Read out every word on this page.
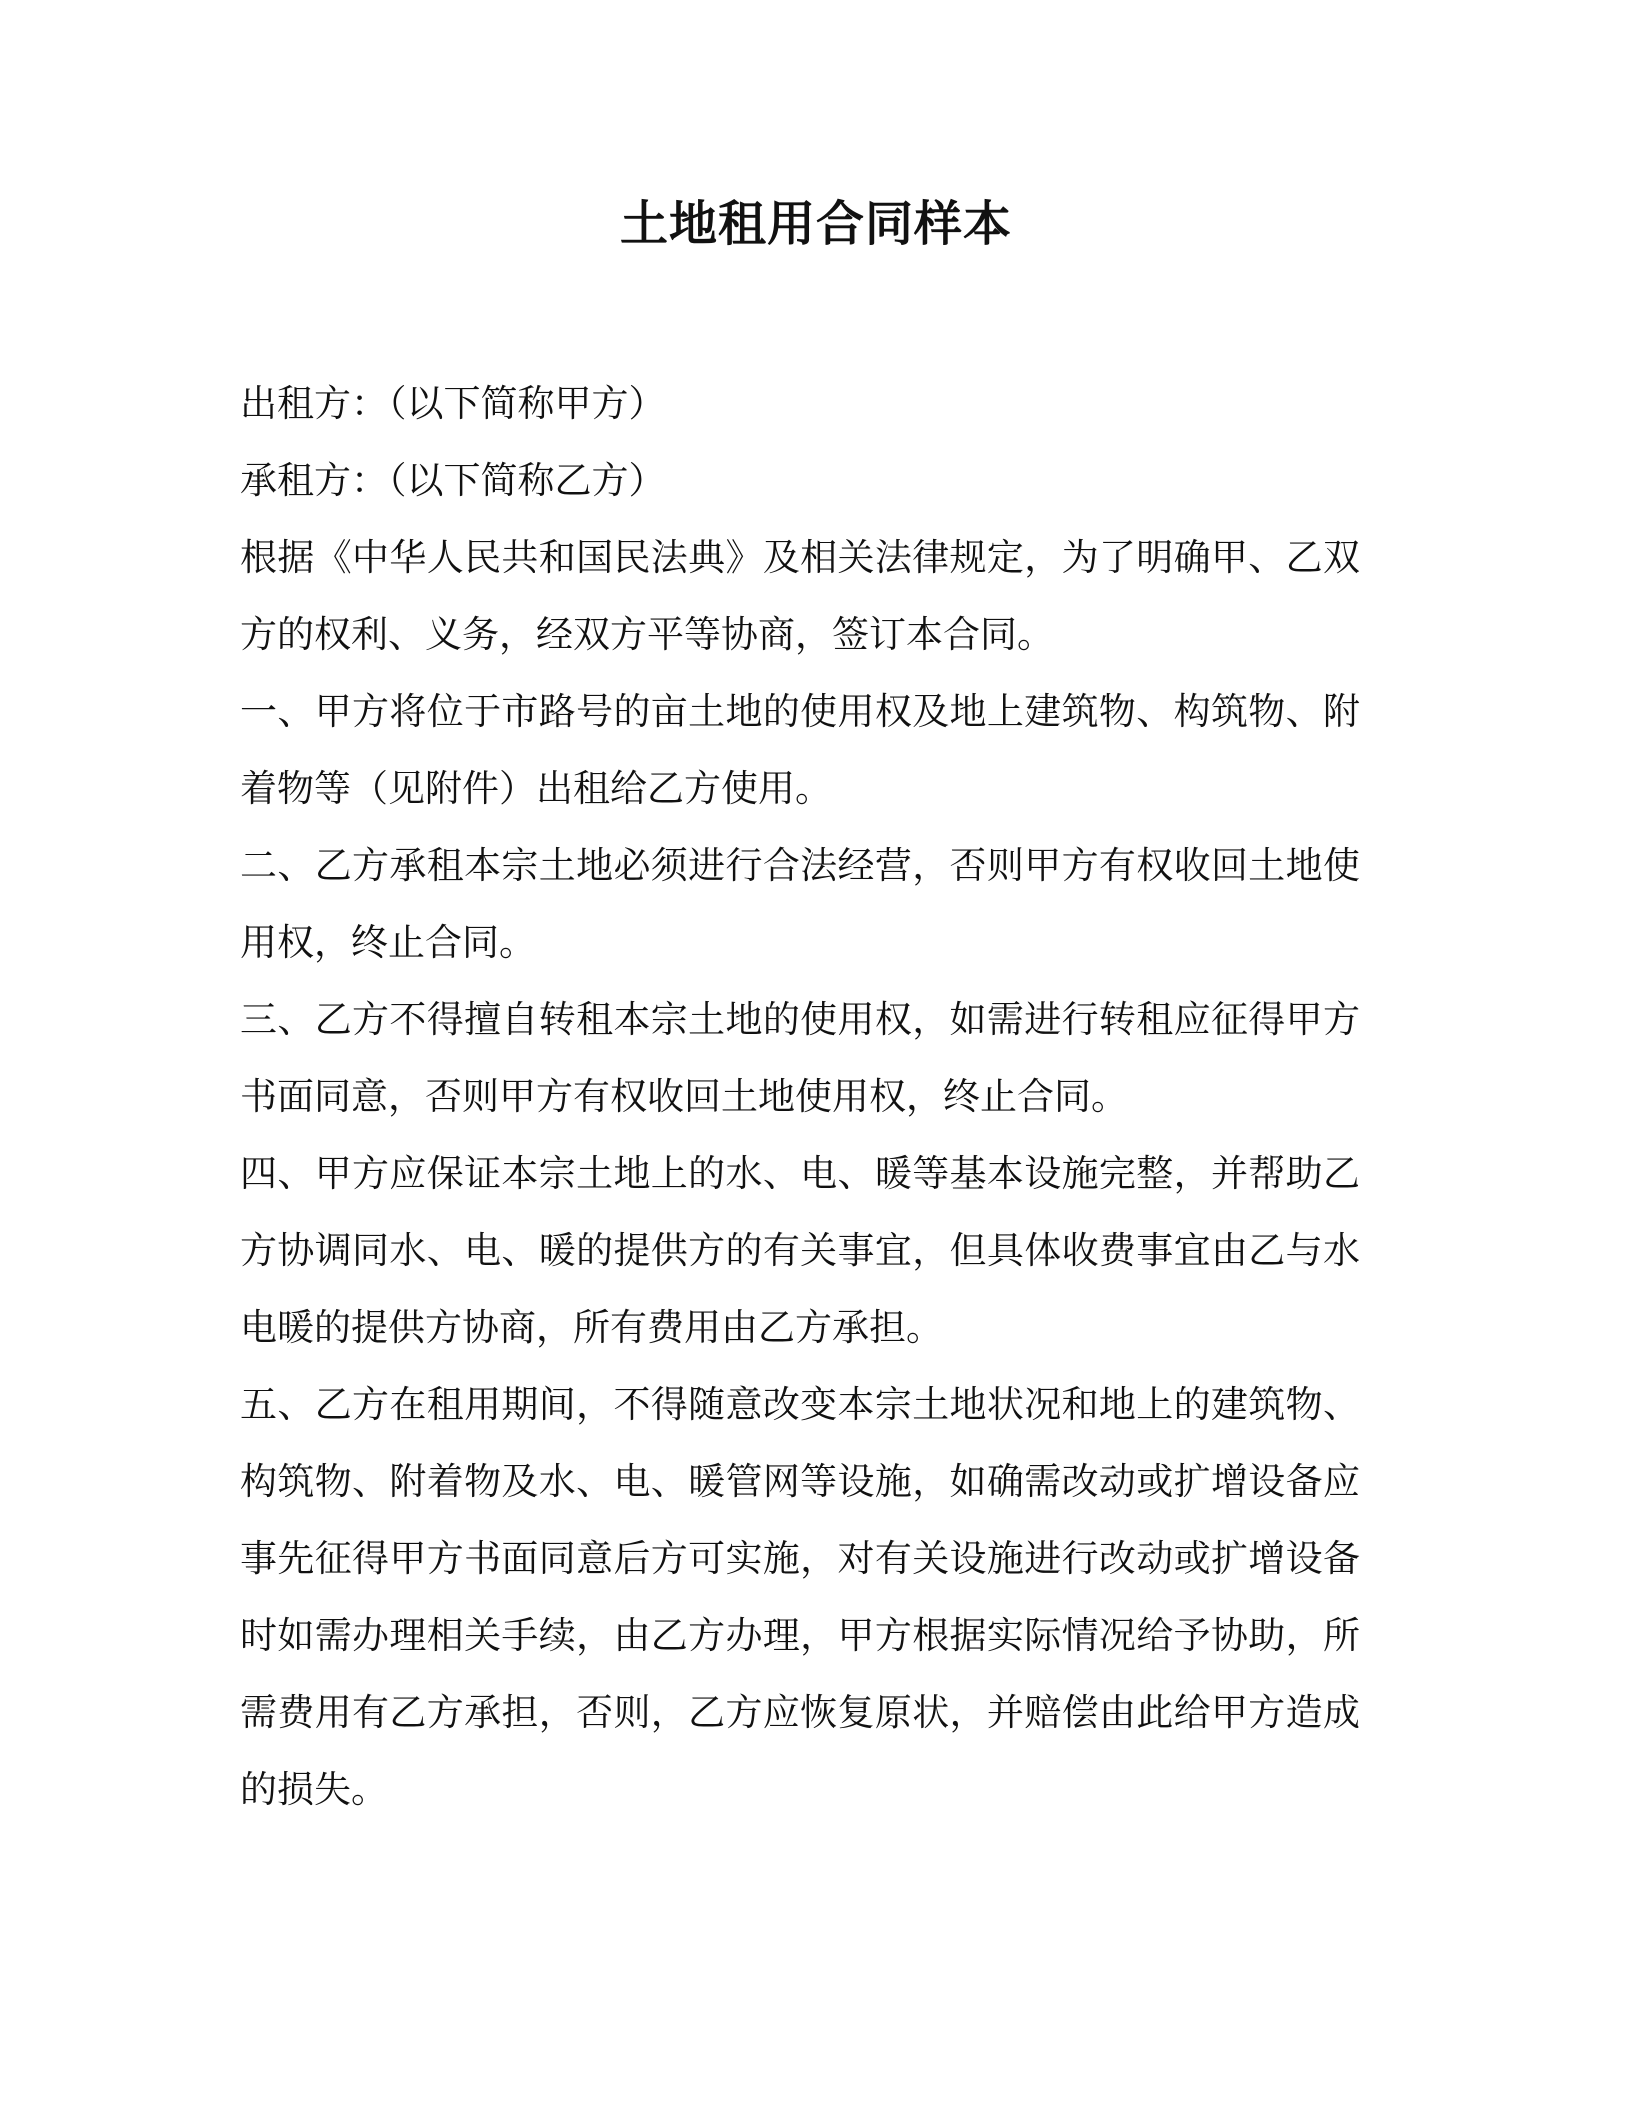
土地租用合同样本

出租方：（以下简称甲方）

承租方：（以下简称乙方）

根据《中华人民共和国民法典》及相关法律规定，为了明确甲、乙双方的权利、义务，经双方平等协商，签订本合同。

一、甲方将位于市路号的亩土地的使用权及地上建筑物、构筑物、附着物等（见附件）出租给乙方使用。

二、乙方承租本宗土地必须进行合法经营，否则甲方有权收回土地使用权，终止合同。

三、乙方不得擅自转租本宗土地的使用权，如需进行转租应征得甲方书面同意，否则甲方有权收回土地使用权，终止合同。

四、甲方应保证本宗土地上的水、电、暖等基本设施完整，并帮助乙方协调同水、电、暖的提供方的有关事宜，但具体收费事宜由乙与水电暖的提供方协商，所有费用由乙方承担。

五、乙方在租用期间，不得随意改变本宗土地状况和地上的建筑物、构筑物、附着物及水、电、暖管网等设施，如确需改动或扩增设备应事先征得甲方书面同意后方可实施，对有关设施进行改动或扩增设备时如需办理相关手续，由乙方办理，甲方根据实际情况给予协助，所需费用有乙方承担，否则，乙方应恢复原状，并赔偿由此给甲方造成的损失。
